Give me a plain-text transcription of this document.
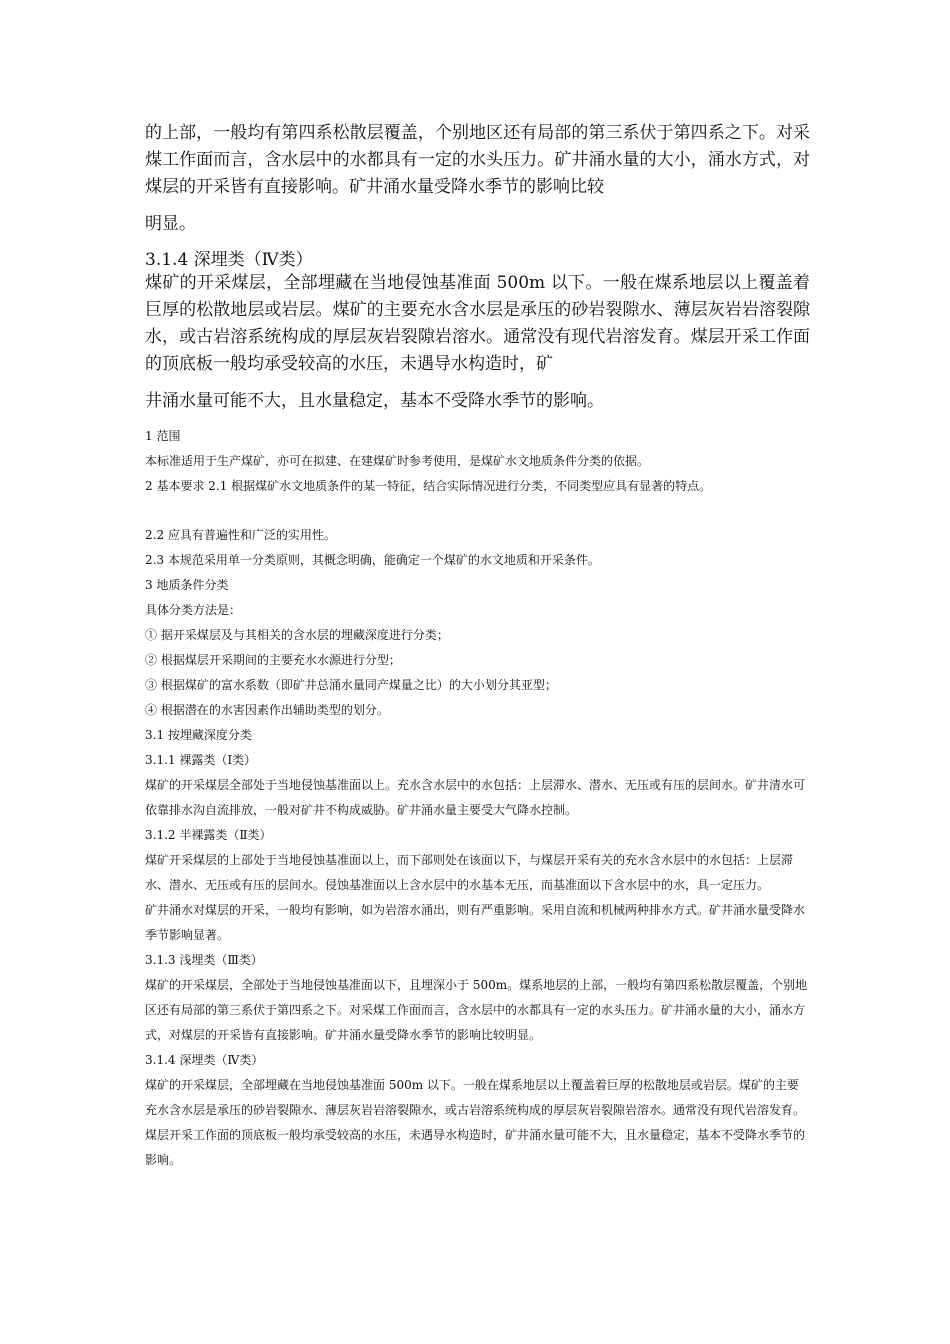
的上部，一般均有第四系松散层覆盖，个别地区还有局部的第三系伏于第四系之下。对采煤工作面而言，含水层中的水都具有一定的水头压力。矿井涌水量的大小，涌水方式，对煤层的开采皆有直接影响。矿井涌水量受降水季节的影响比较

明显。

3.1.4 深埋类（Ⅳ类）

煤矿的开采煤层，全部埋藏在当地侵蚀基准面 500m 以下。一般在煤系地层以上覆盖着巨厚的松散地层或岩层。煤矿的主要充水含水层是承压的砂岩裂隙水、薄层灰岩岩溶裂隙水，或古岩溶系统构成的厚层灰岩裂隙岩溶水。通常没有现代岩溶发育。煤层开采工作面的顶底板一般均承受较高的水压，未遇导水构造时，矿

井涌水量可能不大，且水量稳定，基本不受降水季节的影响。

1 范围

本标准适用于生产煤矿，亦可在拟建、在建煤矿时参考使用，是煤矿水文地质条件分类的依据。

2 基本要求 2.1 根据煤矿水文地质条件的某一特征，结合实际情况进行分类，不同类型应具有显著的特点。

2.2 应具有普遍性和广泛的实用性。

2.3 本规范采用单一分类原则，其概念明确，能确定一个煤矿的水文地质和开采条件。

3 地质条件分类

具体分类方法是：

① 据开采煤层及与其相关的含水层的埋藏深度进行分类；

② 根据煤层开采期间的主要充水水源进行分型；

③ 根据煤矿的富水系数（即矿井总涌水量同产煤量之比）的大小划分其亚型；

④ 根据潜在的水害因素作出辅助类型的划分。

3.1 按埋藏深度分类

3.1.1 裸露类（Ⅰ类）

煤矿的开采煤层全部处于当地侵蚀基准面以上。充水含水层中的水包括：上层滞水、潜水、无压或有压的层间水。矿井清水可依靠排水沟自流排放，一般对矿井不构成威胁。矿井涌水量主要受大气降水控制。

3.1.2 半裸露类（Ⅱ类）

煤矿开采煤层的上部处于当地侵蚀基准面以上，而下部则处在该面以下，与煤层开采有关的充水含水层中的水包括：上层滞水、潜水、无压或有压的层间水。侵蚀基准面以上含水层中的水基本无压，而基准面以下含水层中的水，具一定压力。

矿井涌水对煤层的开采，一般均有影响，如为岩溶水涌出，则有严重影响。采用自流和机械两种排水方式。矿井涌水量受降水季节影响显著。

3.1.3 浅埋类（Ⅲ类）

煤矿的开采煤层，全部处于当地侵蚀基准面以下，且埋深小于 500m。煤系地层的上部，一般均有第四系松散层覆盖，个别地区还有局部的第三系伏于第四系之下。对采煤工作面而言，含水层中的水都具有一定的水头压力。矿井涌水量的大小，涌水方式，对煤层的开采皆有直接影响。矿井涌水量受降水季节的影响比较明显。

3.1.4 深埋类（Ⅳ类）

煤矿的开采煤层，全部埋藏在当地侵蚀基准面 500m 以下。一般在煤系地层以上覆盖着巨厚的松散地层或岩层。煤矿的主要充水含水层是承压的砂岩裂隙水、薄层灰岩岩溶裂隙水，或古岩溶系统构成的厚层灰岩裂隙岩溶水。通常没有现代岩溶发育。煤层开采工作面的顶底板一般均承受较高的水压，未遇导水构造时，矿井涌水量可能不大，且水量稳定，基本不受降水季节的影响。
